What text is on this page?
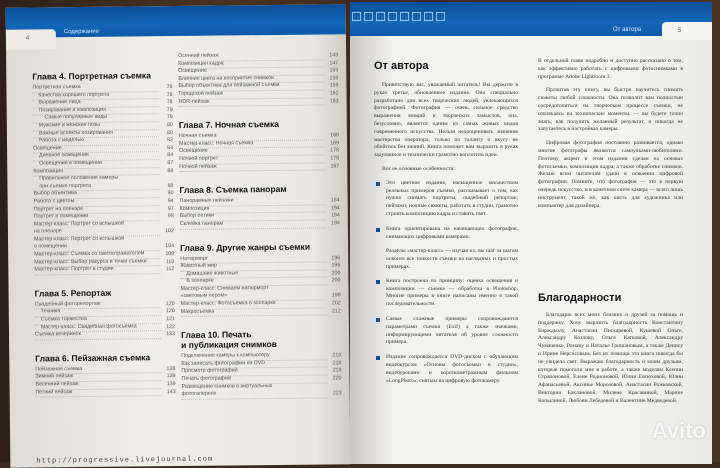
4
Содержание
Глава 4. Портретная съемка
Портретная съемка	78
Качества хорошего портрета	78
Выражение лица	78
Позирование и композиция	79
Самые популярные виды	79
Мужские и женские позы	80
Важные аспекты позирования	80
Работа с моделью	82
Освещение	84
Дневное освещение	84
Освещение в помещении	87
Композиция	88
Правильное положение камеры
при съемке портрета	88
Выбор объектива	90
Работа с цветом	94
Портрет на пленэре	97
Портрет в помещении	98
Мастер-класс: Портрет со вспышкой
на пленэре	102
Мастер-класс: Портрет со вспышкой
в помещении	104
Мастер-класс: Съемка со светоотражателем	108
Мастер-класс: Выбор ракурса и точки съемки	110
Мастер-класс: Портрет в студии	112
Глава 5. Репортаж
Свадебный фоторепортаж	120
Техника	120
Съемка торжества	121
Мастер-класс: Свадебная фотосъемка	122
Съемка вечеринок	133
Глава 6. Пейзажная съемка
Пейзажная съемка	138
Зимний пейзаж	139
Весенний пейзаж	139
Летний пейзаж	143
Осенний пейзаж	143
Композиция кадра	147
Освещение	155
Влияние цвета на восприятие снимков	159
Выбор объектива для пейзажной съемки	159
Городской пейзаж	162
HDR-пейзаж	163
Глава 7. Ночная съемка
Ночная съемка	168
Мастер-класс: Ночная съемка	169
Освещение	178
Ночной портрет	178
Ночной пейзаж	167
Глава 8. Съемка панорам
Панорамные пейзажи	184
Композиция	194
Выбор оптики	194
Склейка панорам	194
Глава 9. Другие жанры съемки
Натюрморт	196
Животный мир	196
Домашние животные	200
В зоопарке	200
Мастер-класс: Снимаем натюрморт
«световым пером»	198
Мастер-класс: Фотосъемка в зоопарке	202
Макросъемка	212
Глава 10. Печать
и публикация снимков
Подключение камеры к компьютеру	218
Как записать фотографии на DVD	218
Просмотр фотографий	218
Печать фотографий	220
Размещение снимков в виртуальных
фотогалереях	223
http://progressive.livejournal.com
От автора	5
От автора

Приветствую вас, уважаемый читатель! Вы держите в руках третье, обновленное издание. Оно специально разработано для всех творческих людей, увлекающихся фотографией. Фотография — очень сильное средство выражения эмоций и творческих замыслов, она, безусловно, является одним из самых живых видов современного искусства. Нельзя недооценивать значение мастерства оператора, только по таланту и вкусу не обойтись без знаний. Книга поможет вам выразить в рукаx задуманное и технически грамотно воплотить идеи.

Вот ее основные особенности:

Это цветное издание, насыщенное множеством реальных примеров съемки, рассказывает о том, как нужно снимать портреты, свадебный репортаж, пейзажи, ночные сюжеты, работать в студии, грамотно строить композицию кадра и ставить свет.
Книга ориентирована на начинающих фотографов, снимающих цифровыми камерами.

Разделы «мастер-класс» — изучая их, вы шаг за шагом освоите все тонкости съемки на наглядных и простых примерах.

Книга построена по принципу: оценка освещения и композиции — съемка — обработка в Photoshop. Многие примеры в книге написаны именно в такой последовательности.
Самые сложные примеры сопровождаются параметрами съемки (Exif) а также значками, информирующими читателя об уровне сложности примера.
Издание сопровождается DVD-диском с обучающим видеокурсом «Основы фотосъемки в студии», видеоуроками и короткометражным фильмом «LongPhoto», снятым на цифровую фотокамеру.

В отдельной главе подробно и доступно рассказано о том, как эффективно работать с цифровыми фотоснимками в программе Adobe Lightroom 3.

Прочитав эту книгу, вы быстро научитесь снимать сюжеты любой сложности. Она позволит вам полностью сосредоточиться на творческом процессе съемки, не отвлекаясь на технические моменты, — вы будете точно знать, как получить желаемый результат, и никогда не запутаетесь в настройках камеры.

Цифровая фотография постоянно развивается, однако многие фотографы являются самоучками-любителями. Поэтому акцент в этом издании сделан на основах фотосъемки, композиции кадра, а также обработке снимков. Желаю всем читателям удачи в освоении цифровой фотографии. Помните, что фотография — это в первую очередь искусство, и в конечном счете камера — всего лишь инструмент, такой же, как кисть для художника или компьютер для дизайнера.

Благодарности

Благодарю всех моих близких и друзей за помощь и поддержку. Хочу выразить благодарность Константину Бирждьолу, Анастасии Пискаревой, Кушевой Ольге, Александру Козлову, Ольге Катковой, Александру Чумаченко, Роману и Наталье Гришановым, а также Денису и Ирине Нерсесовым. Без их помощи эта книга никогда бы не увидела свет. Выражаю благодарность и моим друзьям, которые помогали мне в работе, а также моделям Ксении Страпоновой, Елене Родионовой, Юлии Евтюховой, Юлии Афанасьевой, Аксинье Морозовой, Анастасии Рожковской, Виктории Баклановой, Милене Красавиной, Марине Копылиной, Любови Лебедевой и Валентине Медведевой.

Avito
